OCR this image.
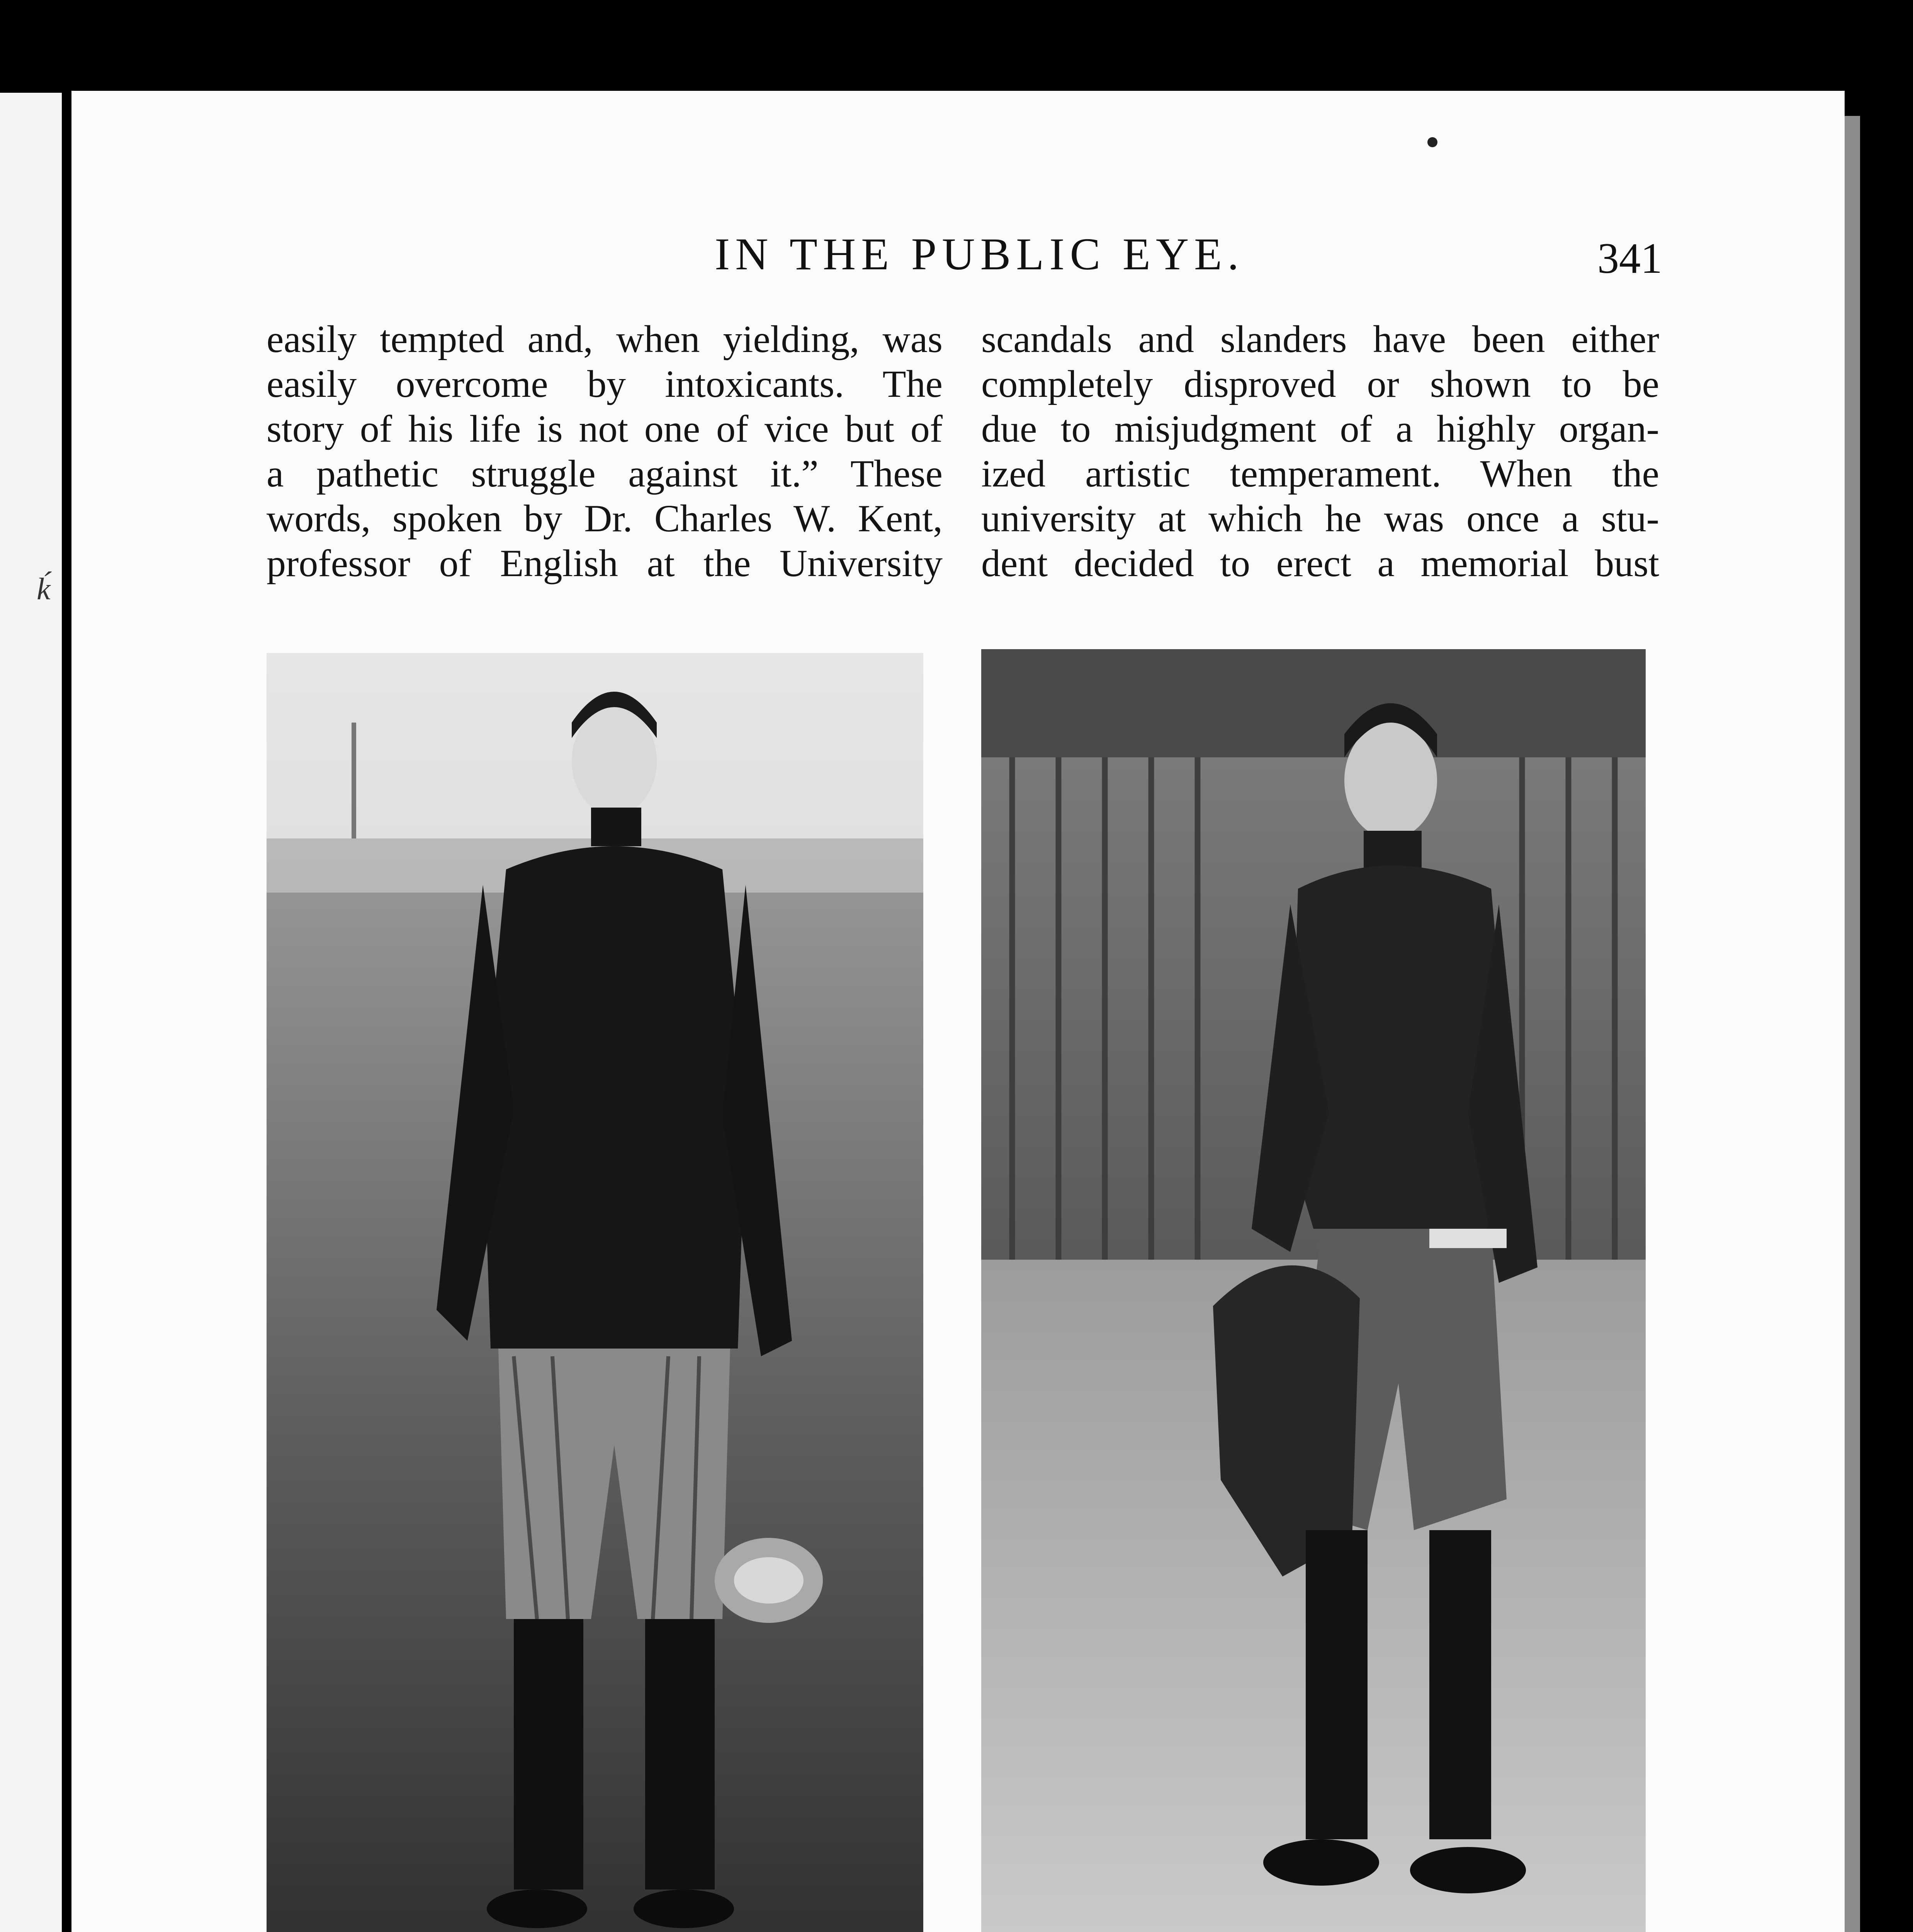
ḱ
IN THE PUBLIC EYE.	341
easily tempted and, when yielding, was
easily overcome by intoxicants. The
story of his life is not one of vice but of
a pathetic struggle against it.” These
words, spoken by Dr. Charles W. Kent,
professor of English at the University
scandals and slanders have been either
completely disproved or shown to be
due to misjudgment of a highly organ-
ized artistic temperament. When the
university at which he was once a stu-
dent decided to erect a memorial bust
